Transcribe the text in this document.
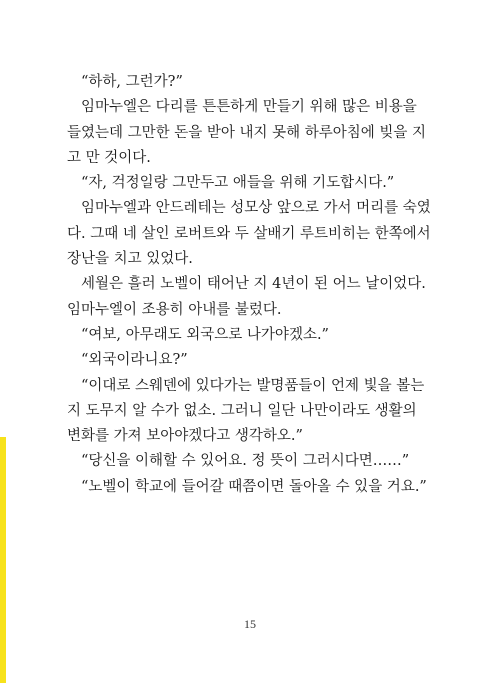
“하하, 그런가?”
임마누엘은 다리를 튼튼하게 만들기 위해 많은 비용을
들였는데 그만한 돈을 받아 내지 못해 하루아침에 빚을 지
고 만 것이다.
“자, 걱정일랑 그만두고 애들을 위해 기도합시다.”
임마누엘과 안드레테는 성모상 앞으로 가서 머리를 숙였
다. 그때 네 살인 로버트와 두 살배기 루트비히는 한쪽에서
장난을 치고 있었다.
세월은 흘러 노벨이 태어난 지 4년이 된 어느 날이었다.
임마누엘이 조용히 아내를 불렀다.
“여보, 아무래도 외국으로 나가야겠소.”
“외국이라니요?”
“이대로 스웨덴에 있다가는 발명품들이 언제 빛을 볼는
지 도무지 알 수가 없소. 그러니 일단 나만이라도 생활의
변화를 가져 보아야겠다고 생각하오.”
“당신을 이해할 수 있어요. 정 뜻이 그러시다면……”
“노벨이 학교에 들어갈 때쯤이면 돌아올 수 있을 거요.”
15
